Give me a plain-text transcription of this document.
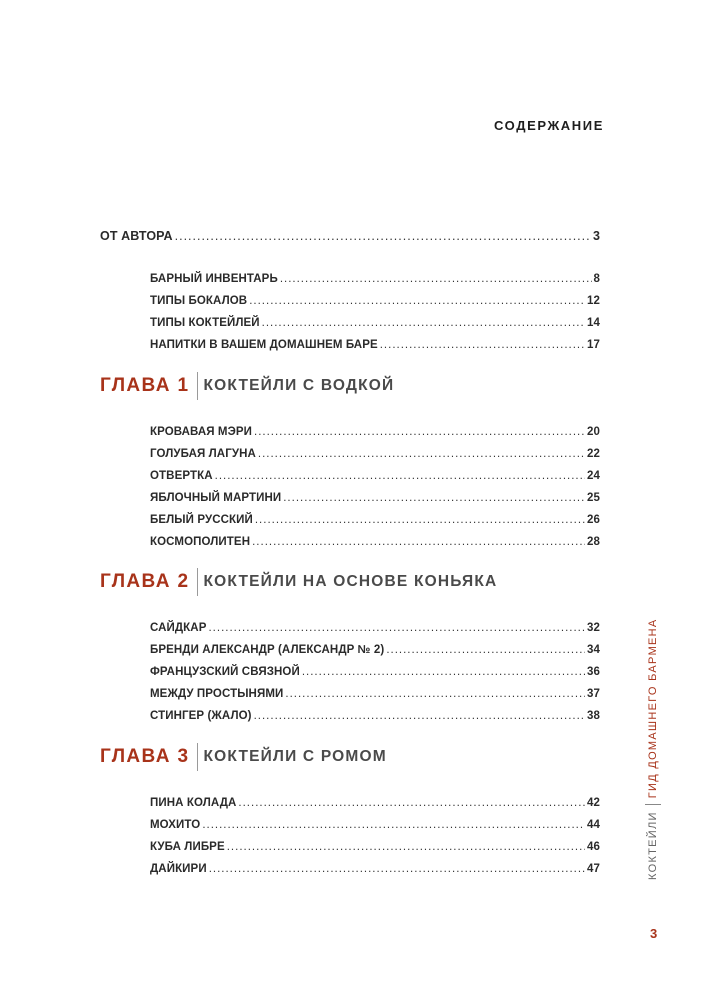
СОДЕРЖАНИЕ
ОТ АВТОРА .....	3
БАРНЫЙ ИНВЕНТАРЬ .....	8
ТИПЫ БОКАЛОВ .....	12
ТИПЫ КОКТЕЙЛЕЙ .....	14
НАПИТКИ В ВАШЕМ ДОМАШНЕМ БАРЕ .....	17
ГЛАВА 1 КОКТЕЙЛИ С ВОДКОЙ
КРОВАВАЯ МЭРИ .....	20
ГОЛУБАЯ ЛАГУНА .....	22
ОТВЕРТКА .....	24
ЯБЛОЧНЫЙ МАРТИНИ .....	25
БЕЛЫЙ РУССКИЙ .....	26
КОСМОПОЛИТЕН .....	28
ГЛАВА 2 КОКТЕЙЛИ НА ОСНОВЕ КОНЬЯКА
САЙДКАР .....	32
БРЕНДИ АЛЕКСАНДР (АЛЕКСАНДР № 2) .....	34
ФРАНЦУЗСКИЙ СВЯЗНОЙ .....	36
МЕЖДУ ПРОСТЫНЯМИ .....	37
СТИНГЕР (ЖАЛО) .....	38
ГЛАВА 3 КОКТЕЙЛИ С РОМОМ
ПИНА КОЛАДА .....	42
МОХИТО .....	44
КУБА ЛИБРЕ .....	46
ДАЙКИРИ .....	47	КОКТЕЙЛИ
ГИД ДОМАШНЕГО БАРМЕНА
3
